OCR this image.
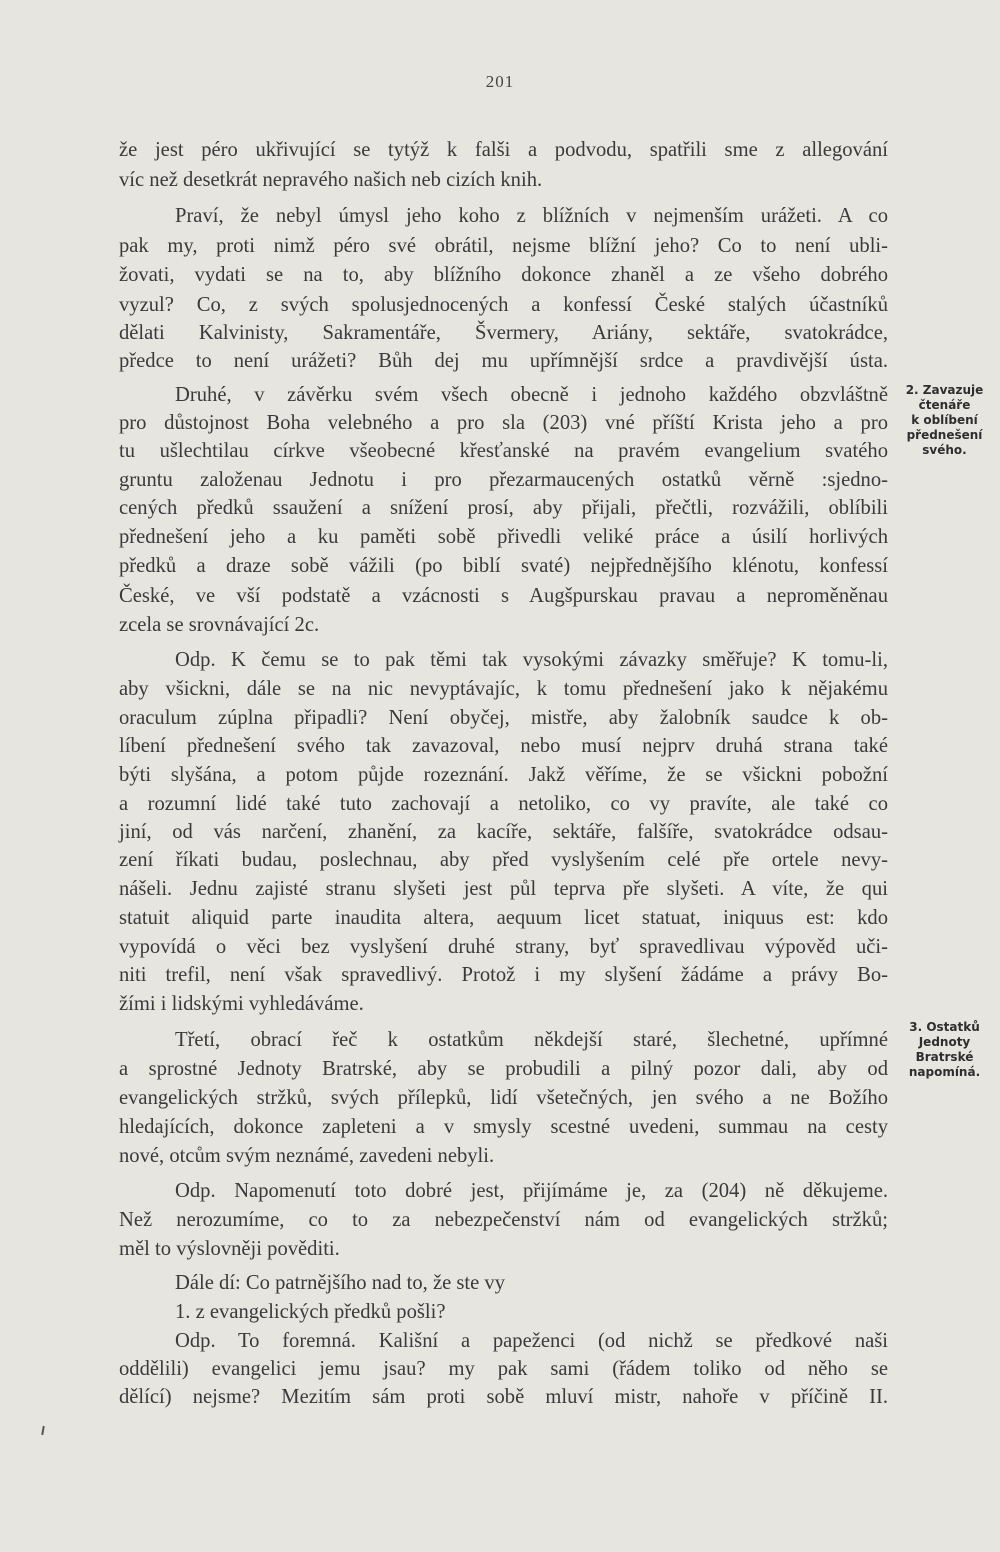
201
že jest péro ukřivující se tytýž k falši a podvodu, spatřili sme z allegování
víc než desetkrát nepravého našich neb cizích knih.
Praví, že nebyl úmysl jeho koho z blížních v nejmenším urážeti. A co
pak my, proti nimž péro své obrátil, nejsme blížní jeho? Co to není ubli-
žovati, vydati se na to, aby blížního dokonce zhaněl a ze všeho dobrého
vyzul? Co, z svých spolusjednocených a konfessí České stalých účastníků
dělati Kalvinisty, Sakramentáře, Švermery, Ariány, sektáře, svatokrádce,
předce to není urážeti? Bůh dej mu upřímnější srdce a pravdivější ústa.
Druhé, v závěrku svém všech obecně i jednoho každého obzvláštně
pro důstojnost Boha velebného a pro sla (203) vné příští Krista jeho a pro
tu ušlechtilau církve všeobecné křesťanské na pravém evangelium svatého
gruntu založenau Jednotu i pro přezarmaucených ostatků věrně :sjedno-
cených předků ssaužení a snížení prosí, aby přijali, přečtli, rozvážili, oblíbili
přednešení jeho a ku paměti sobě přivedli veliké práce a úsilí horlivých
předků a draze sobě vážili (po biblí svaté) nejpřednějšího klénotu, konfessí
České, ve vší podstatě a vzácnosti s Augšpurskau pravau a neproměněnau
zcela se srovnávající 2c.
Odp. K čemu se to pak těmi tak vysokými závazky směřuje? K tomu-li,
aby všickni, dále se na nic nevyptávajíc, k tomu přednešení jako k nějakému
oraculum zúplna připadli? Není obyčej, mistře, aby žalobník saudce k ob-
líbení přednešení svého tak zavazoval, nebo musí nejprv druhá strana také
býti slyšána, a potom půjde rozeznání. Jakž věříme, že se všickni pobožní
a rozumní lidé také tuto zachovají a netoliko, co vy pravíte, ale také co
jiní, od vás narčení, zhanění, za kacíře, sektáře, falšíře, svatokrádce odsau-
zení říkati budau, poslechnau, aby před vyslyšením celé pře ortele nevy-
nášeli. Jednu zajisté stranu slyšeti jest půl teprva pře slyšeti. A víte, že qui
statuit aliquid parte inaudita altera, aequum licet statuat, iniquus est: kdo
vypovídá o věci bez vyslyšení druhé strany, byť spravedlivau výpověd uči-
niti trefil, není však spravedlivý. Protož i my slyšení žádáme a právy Bo-
žími i lidskými vyhledáváme.
Třetí, obrací řeč k ostatkům někdejší staré, šlechetné, upřímné
a sprostné Jednoty Bratrské, aby se probudili a pilný pozor dali, aby od
evangelických stržků, svých přílepků, lidí všetečných, jen svého a ne Božího
hledajících, dokonce zapleteni a v smysly scestné uvedeni, summau na cesty
nové, otcům svým neznámé, zavedeni nebyli.
Odp. Napomenutí toto dobré jest, přijímáme je, za (204) ně děkujeme.
Než nerozumíme, co to za nebezpečenství nám od evangelických stržků;
měl to výslovněji pověditi.
Dále dí: Co patrnějšího nad to, že ste vy
1. z evangelických předků pošli?
Odp. To foremná. Kališní a papeženci (od nichž se předkové naši
oddělili) evangelici jemu jsau? my pak sami (řádem toliko od něho se
dělící) nejsme? Mezitím sám proti sobě mluví mistr, nahoře v příčině II.
2. Zavazuje
čtenáře
k oblíbení
přednešení
svého.
3. Ostatků
Jednoty
Bratrské
napomíná.
